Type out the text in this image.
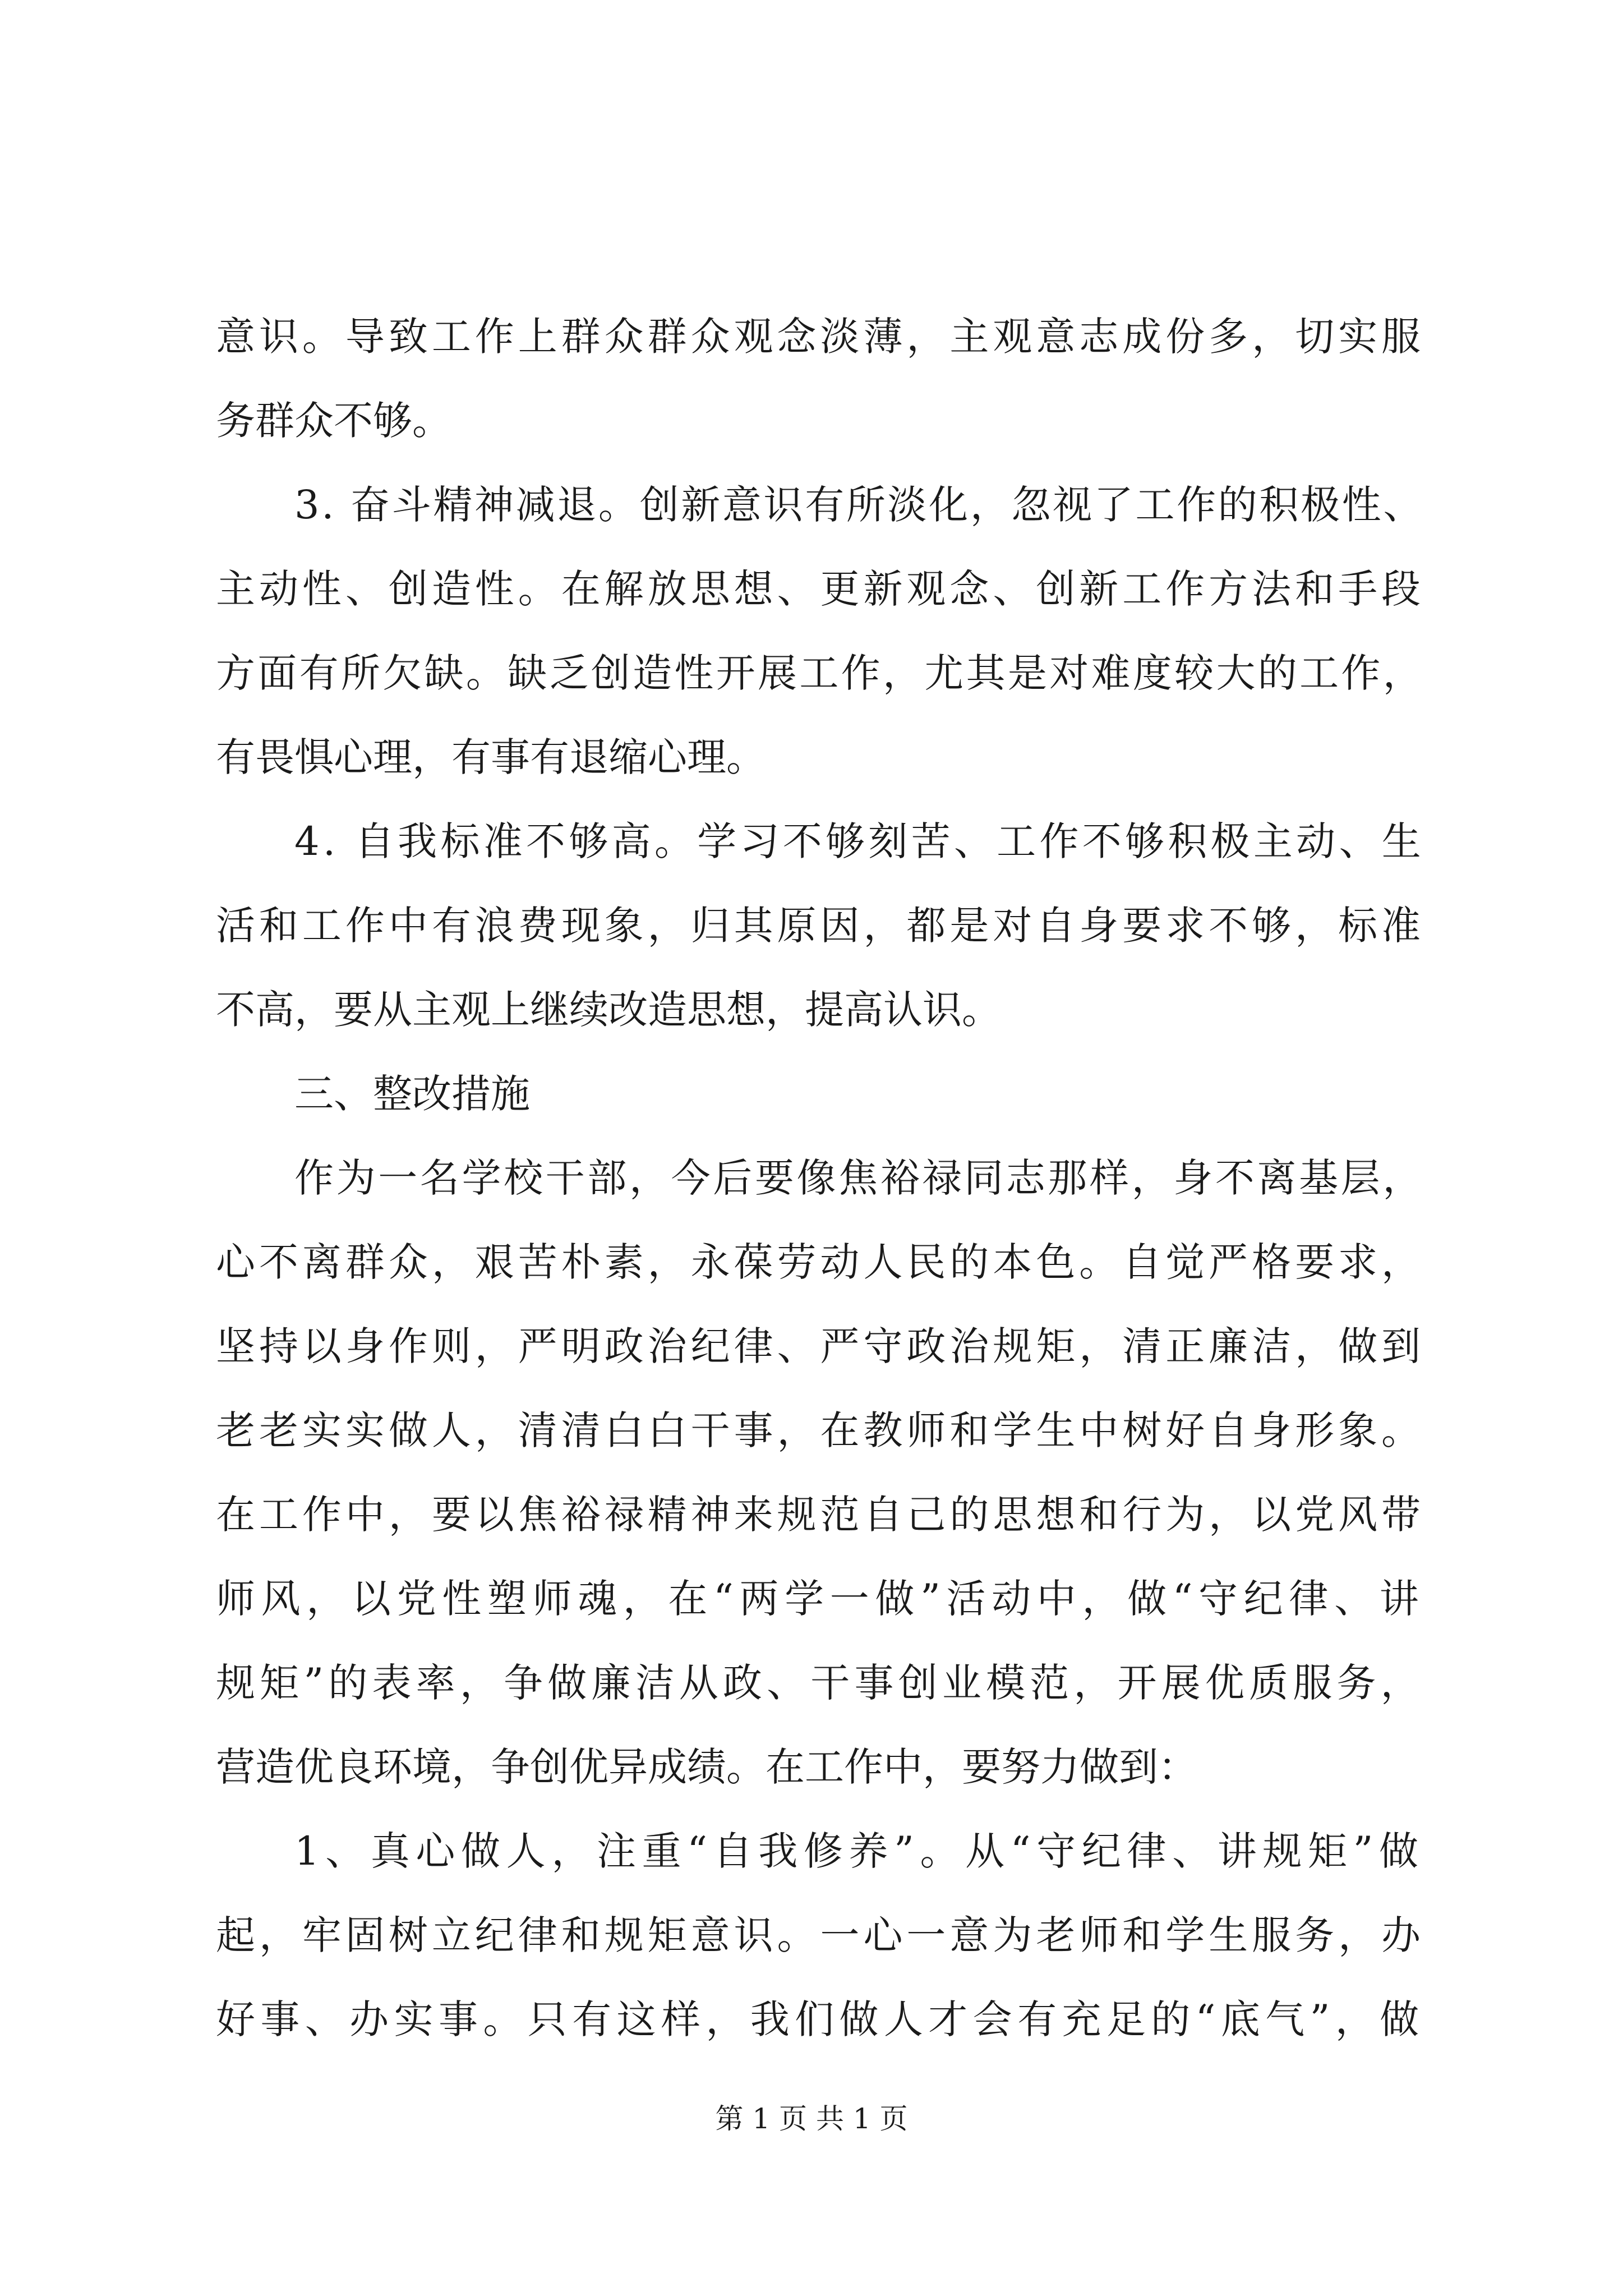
意识。导致工作上群众群众观念淡薄，主观意志成份多，切实服
务群众不够。
3. 奋斗精神减退。创新意识有所淡化，忽视了工作的积极性、
主动性、创造性。在解放思想、更新观念、创新工作方法和手段
方面有所欠缺。缺乏创造性开展工作，尤其是对难度较大的工作，
有畏惧心理，有事有退缩心理。
4. 自我标准不够高。学习不够刻苦、工作不够积极主动、生
活和工作中有浪费现象，归其原因，都是对自身要求不够，标准
不高，要从主观上继续改造思想，提高认识。
三、整改措施
作为一名学校干部，今后要像焦裕禄同志那样，身不离基层，
心不离群众，艰苦朴素，永葆劳动人民的本色。自觉严格要求，
坚持以身作则，严明政治纪律、严守政治规矩，清正廉洁，做到
老老实实做人，清清白白干事，在教师和学生中树好自身形象。
在工作中，要以焦裕禄精神来规范自己的思想和行为，以党风带
师风，以党性塑师魂，在“两学一做”活动中，做“守纪律、讲
规矩”的表率，争做廉洁从政、干事创业模范，开展优质服务，
营造优良环境，争创优异成绩。在工作中，要努力做到：
1、真心做人，注重“自我修养”。从“守纪律、讲规矩”做
起，牢固树立纪律和规矩意识。一心一意为老师和学生服务，办
好事、办实事。只有这样，我们做人才会有充足的“底气”，做
第 1 页 共 1 页
